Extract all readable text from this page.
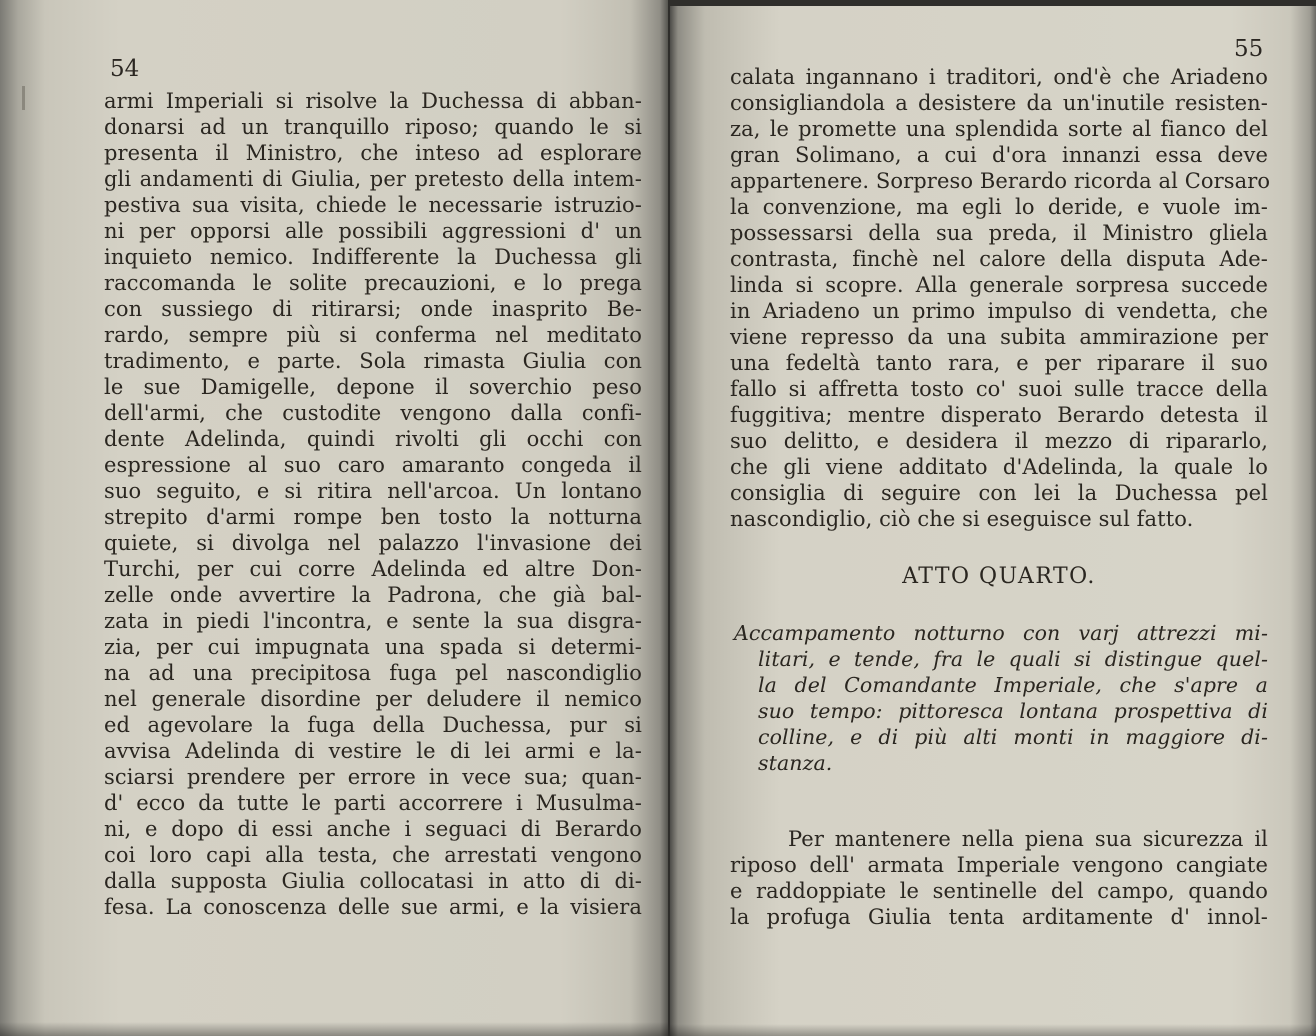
54
armi Imperiali si risolve la Duchessa di abban-
donarsi ad un tranquillo riposo; quando le si
presenta il Ministro, che inteso ad esplorare
gli andamenti di Giulia, per pretesto della intem-
pestiva sua visita, chiede le necessarie istruzio-
ni per opporsi alle possibili aggressioni d' un
inquieto nemico. Indifferente la Duchessa gli
raccomanda le solite precauzioni, e lo prega
con sussiego di ritirarsi; onde inasprito Be-
rardo, sempre più si conferma nel meditato
tradimento, e parte. Sola rimasta Giulia con
le sue Damigelle, depone il soverchio peso
dell'armi, che custodite vengono dalla confi-
dente Adelinda, quindi rivolti gli occhi con
espressione al suo caro amaranto congeda il
suo seguito, e si ritira nell'arcoa. Un lontano
strepito d'armi rompe ben tosto la notturna
quiete, si divolga nel palazzo l'invasione dei
Turchi, per cui corre Adelinda ed altre Don-
zelle onde avvertire la Padrona, che già bal-
zata in piedi l'incontra, e sente la sua disgra-
zia, per cui impugnata una spada si determi-
na ad una precipitosa fuga pel nascondiglio
nel generale disordine per deludere il nemico
ed agevolare la fuga della Duchessa, pur si
avvisa Adelinda di vestire le di lei armi e la-
sciarsi prendere per errore in vece sua; quan-
d' ecco da tutte le parti accorrere i Musulma-
ni, e dopo di essi anche i seguaci di Berardo
coi loro capi alla testa, che arrestati vengono
dalla supposta Giulia collocatasi in atto di di-
fesa. La conoscenza delle sue armi, e la visiera
55
calata ingannano i traditori, ond'è che Ariadeno
consigliandola a desistere da un'inutile resisten-
za, le promette una splendida sorte al fianco del
gran Solimano, a cui d'ora innanzi essa deve
appartenere. Sorpreso Berardo ricorda al Corsaro
la convenzione, ma egli lo deride, e vuole im-
possessarsi della sua preda, il Ministro gliela
contrasta, finchè nel calore della disputa Ade-
linda si scopre. Alla generale sorpresa succede
in Ariadeno un primo impulso di vendetta, che
viene represso da una subita ammirazione per
una fedeltà tanto rara, e per riparare il suo
fallo si affretta tosto co' suoi sulle tracce della
fuggitiva; mentre disperato Berardo detesta il
suo delitto, e desidera il mezzo di ripararlo,
che gli viene additato d'Adelinda, la quale lo
consiglia di seguire con lei la Duchessa pel
nascondiglio, ciò che si eseguisce sul fatto.
ATTO QUARTO.
Accampamento notturno con varj attrezzi mi-
litari, e tende, fra le quali si distingue quel-
la del Comandante Imperiale, che s'apre a
suo tempo: pittoresca lontana prospettiva di
colline, e di più alti monti in maggiore di-
stanza.
Per mantenere nella piena sua sicurezza il
riposo dell' armata Imperiale vengono cangiate
e raddoppiate le sentinelle del campo, quando
la profuga Giulia tenta arditamente d' innol-
